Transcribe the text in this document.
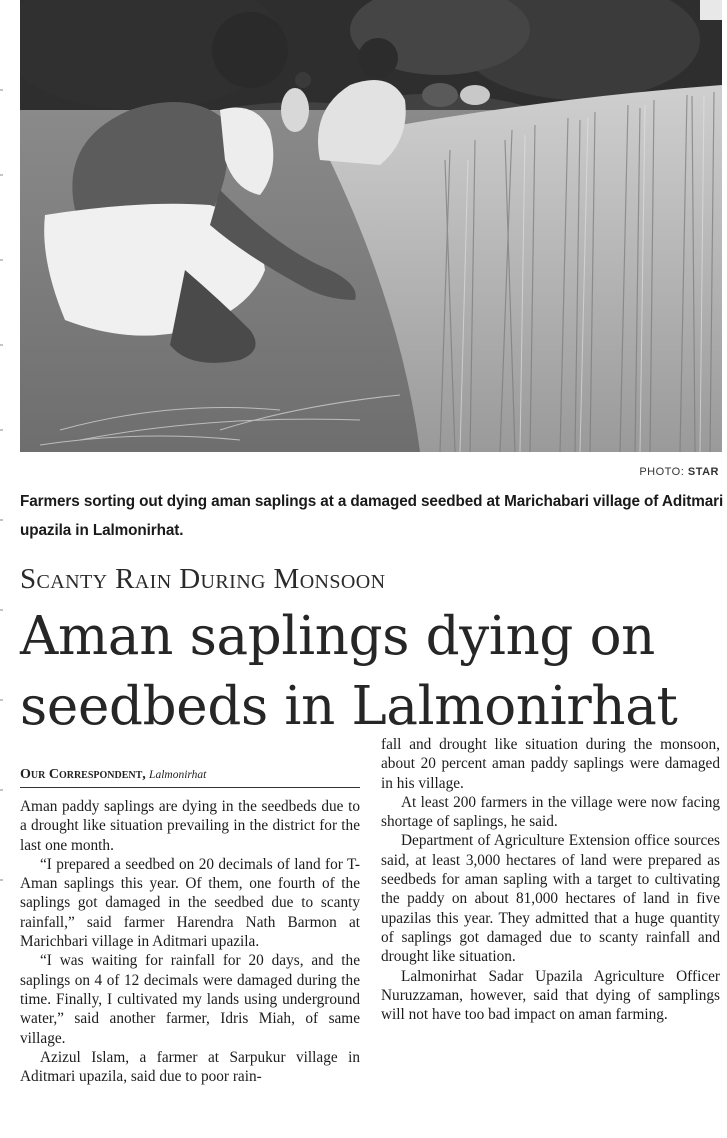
PHOTO: STAR
Farmers sorting out dying aman saplings at a damaged seedbed at Marichabari village of Aditmari upazila in Lalmonirhat.
Scanty Rain During Monsoon
Aman saplings dying on
seedbeds in Lalmonirhat
Our Correspondent, Lalmonirhat

Aman paddy saplings are dying in the seedbeds due to a drought like situation prevailing in the district for the last one month.

“I prepared a seedbed on 20 decimals of land for T-Aman saplings this year. Of them, one fourth of the saplings got damaged in the seedbed due to scanty rainfall,” said farmer Harendra Nath Barmon at Marichbari village in Aditmari upazila.

“I was waiting for rainfall for 20 days, and the saplings on 4 of 12 decimals were damaged during the time. Finally, I cultivated my lands using underground water,” said another farmer, Idris Miah, of same village.

Azizul Islam, a farmer at Sarpukur village in Aditmari upazila, said due to poor rain-

fall and drought like situation during the monsoon, about 20 percent aman paddy saplings were damaged in his village.

At least 200 farmers in the village were now facing shortage of saplings, he said.

Department of Agriculture Extension office sources said, at least 3,000 hectares of land were prepared as seedbeds for aman sapling with a target to cultivating the paddy on about 81,000 hectares of land in five upazilas this year. They admitted that a huge quantity of saplings got damaged due to scanty rainfall and drought like situation.

Lalmonirhat Sadar Upazila Agriculture Officer Nuruzzaman, however, said that dying of samplings will not have too bad impact on aman farming.
